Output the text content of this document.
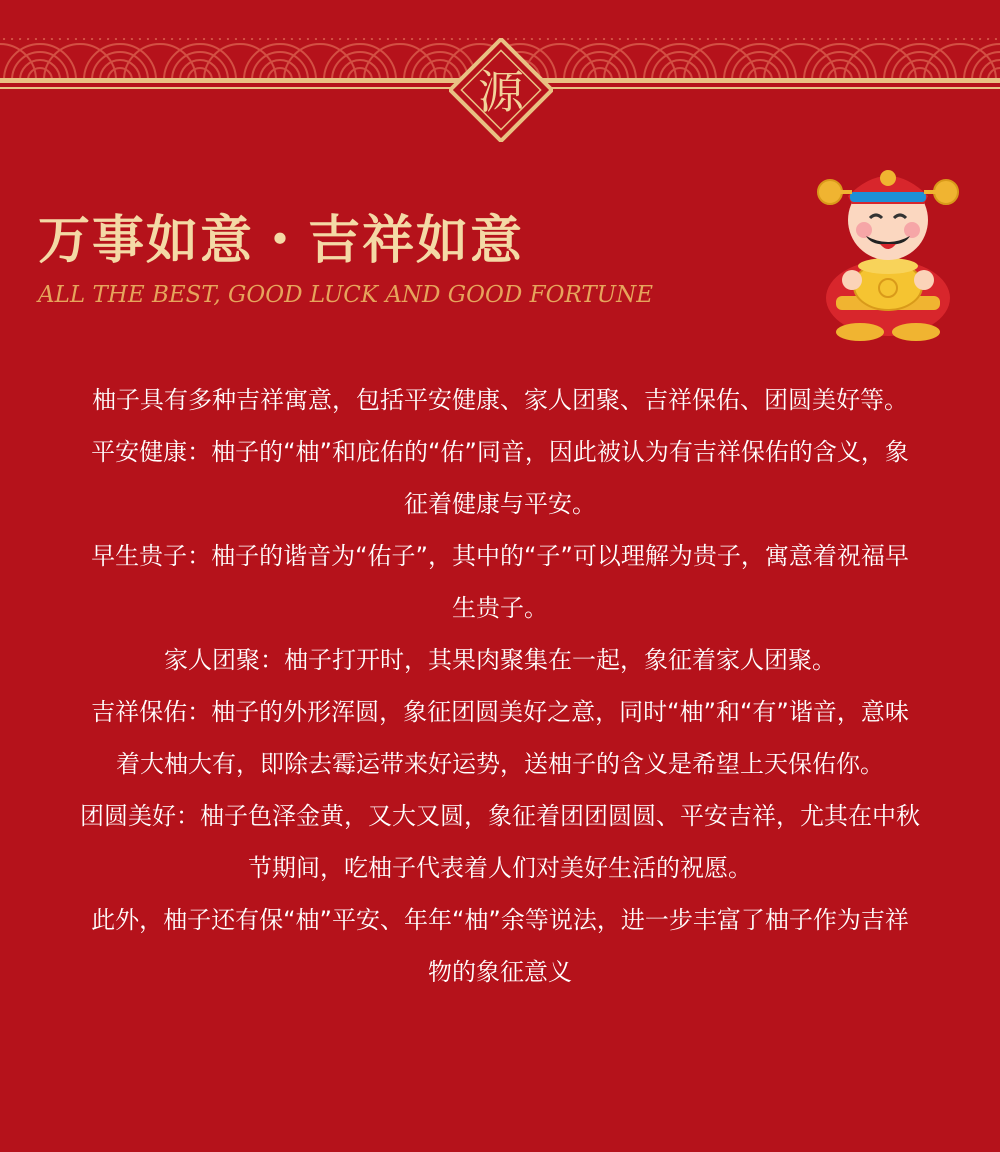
源
万事如意・吉祥如意
ALL THE BEST, GOOD LUCK AND GOOD FORTUNE

柚子具有多种吉祥寓意，包括平安健康、家人团聚、吉祥保佑、团圆美好等。

平安健康：柚子的“柚”和庇佑的“佑”同音，因此被认为有吉祥保佑的含义，象征着健康与平安。

早生贵子：柚子的谐音为“佑子”，其中的“子”可以理解为贵子，寓意着祝福早生贵子。

家人团聚：柚子打开时，其果肉聚集在一起，象征着家人团聚。

吉祥保佑：柚子的外形浑圆，象征团圆美好之意，同时“柚”和“有”谐音，意味着大柚大有，即除去霉运带来好运势，送柚子的含义是希望上天保佑你。

团圆美好：柚子色泽金黄，又大又圆，象征着团团圆圆、平安吉祥，尤其在中秋节期间，吃柚子代表着人们对美好生活的祝愿。

此外，柚子还有保“柚”平安、年年“柚”余等说法，进一步丰富了柚子作为吉祥物的象征意义
